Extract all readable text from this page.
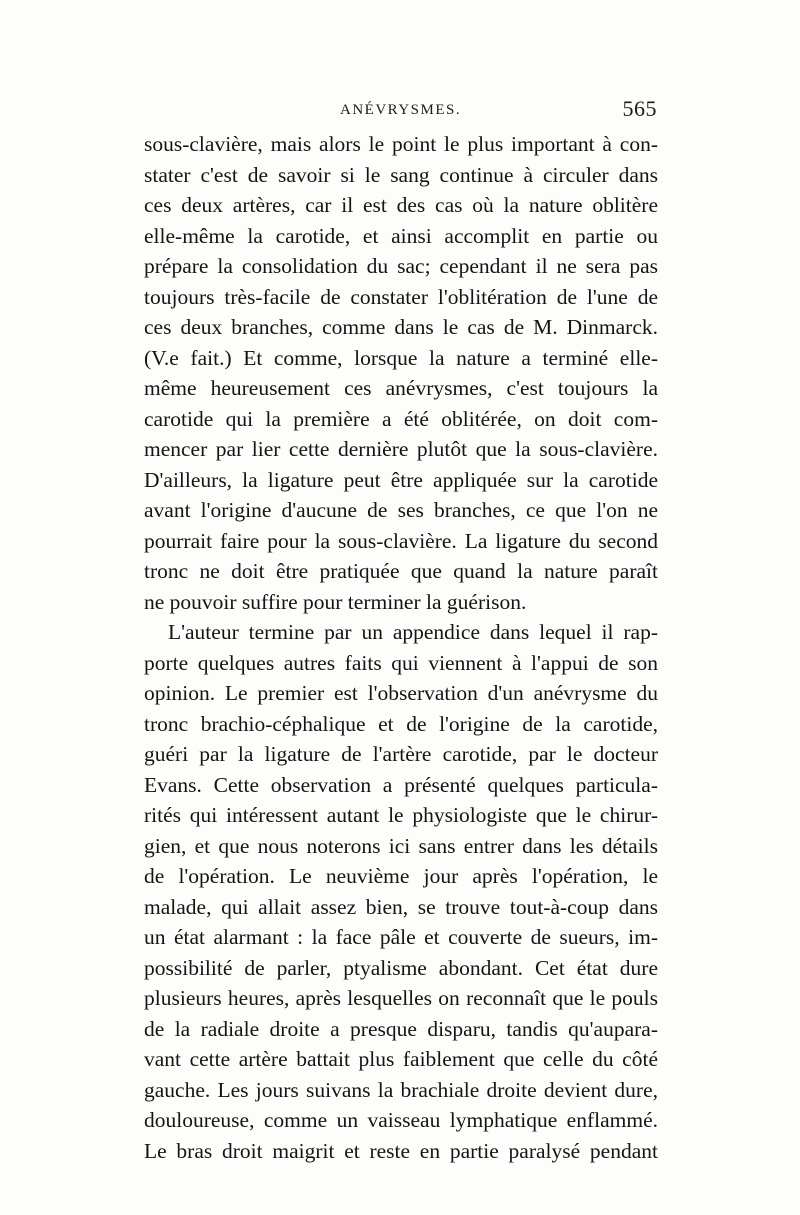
ANÉVRYSMES.	565
sous-clavière, mais alors le point le plus important à con-
stater c'est de savoir si le sang continue à circuler dans
ces deux artères, car il est des cas où la nature oblitère
elle-même la carotide, et ainsi accomplit en partie ou
prépare la consolidation du sac; cependant il ne sera pas
toujours très-facile de constater l'oblitération de l'une de
ces deux branches, comme dans le cas de M. Dinmarck.
(V.e fait.) Et comme, lorsque la nature a terminé elle-
même heureusement ces anévrysmes, c'est toujours la
carotide qui la première a été oblitérée, on doit com-
mencer par lier cette dernière plutôt que la sous-clavière.
D'ailleurs, la ligature peut être appliquée sur la carotide
avant l'origine d'aucune de ses branches, ce que l'on ne
pourrait faire pour la sous-clavière. La ligature du second
tronc ne doit être pratiquée que quand la nature paraît
ne pouvoir suffire pour terminer la guérison.
L'auteur termine par un appendice dans lequel il rap-
porte quelques autres faits qui viennent à l'appui de son
opinion. Le premier est l'observation d'un anévrysme du
tronc brachio-céphalique et de l'origine de la carotide,
guéri par la ligature de l'artère carotide, par le docteur
Evans. Cette observation a présenté quelques particula-
rités qui intéressent autant le physiologiste que le chirur-
gien, et que nous noterons ici sans entrer dans les détails
de l'opération. Le neuvième jour après l'opération, le
malade, qui allait assez bien, se trouve tout-à-coup dans
un état alarmant : la face pâle et couverte de sueurs, im-
possibilité de parler, ptyalisme abondant. Cet état dure
plusieurs heures, après lesquelles on reconnaît que le pouls
de la radiale droite a presque disparu, tandis qu'aupara-
vant cette artère battait plus faiblement que celle du côté
gauche. Les jours suivans la brachiale droite devient dure,
douloureuse, comme un vaisseau lymphatique enflammé.
Le bras droit maigrit et reste en partie paralysé pendant
